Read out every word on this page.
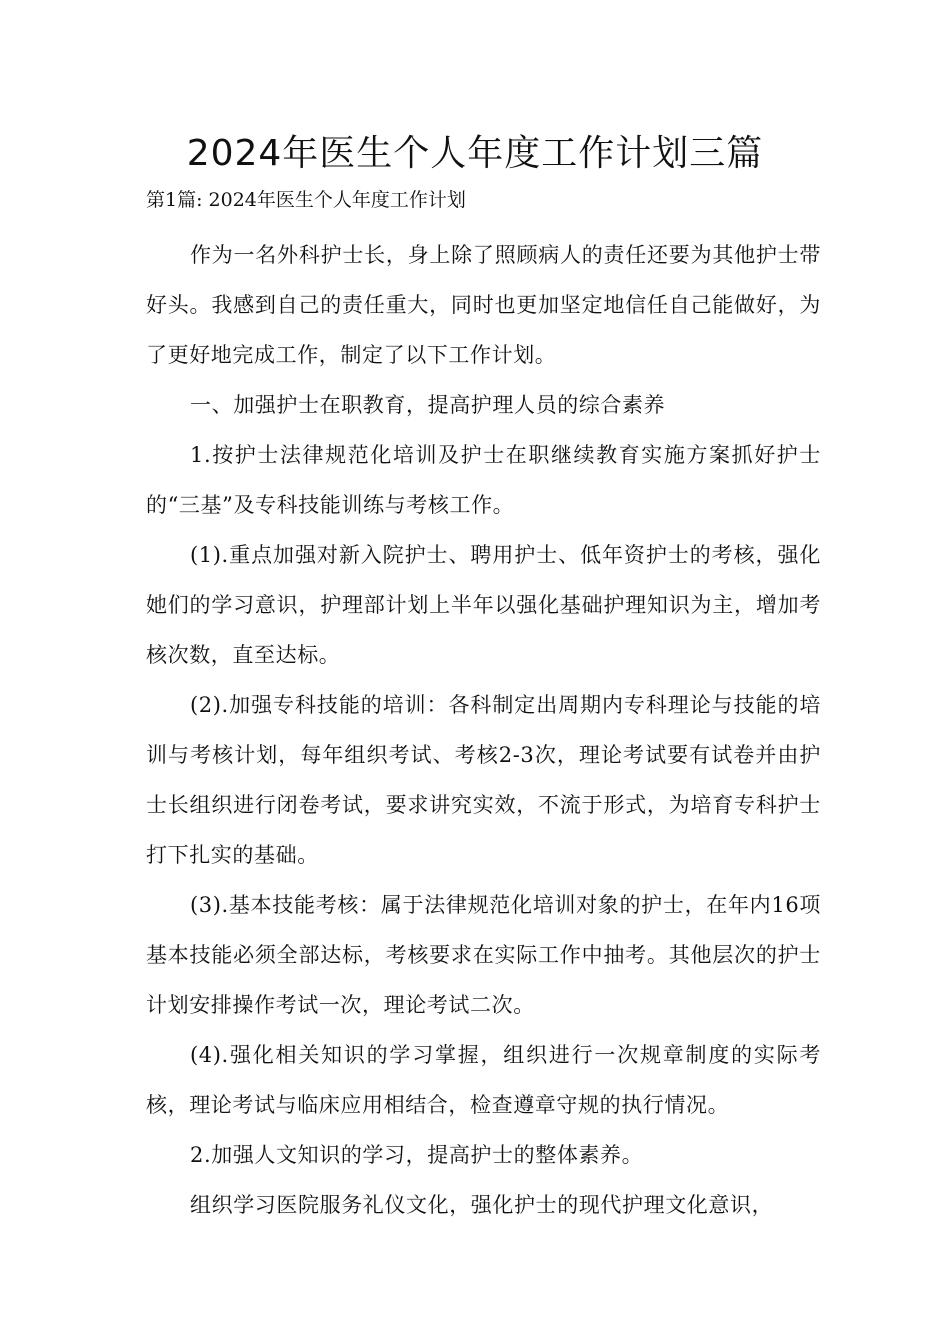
2024年医生个人年度工作计划三篇

第1篇: 2024年医生个人年度工作计划

作为一名外科护士长，身上除了照顾病人的责任还要为其他护士带好头。我感到自己的责任重大，同时也更加坚定地信任自己能做好，为了更好地完成工作，制定了以下工作计划。

一、加强护士在职教育，提高护理人员的综合素养

1.按护士法律规范化培训及护士在职继续教育实施方案抓好护士的“三基”及专科技能训练与考核工作。

(1).重点加强对新入院护士、聘用护士、低年资护士的考核，强化她们的学习意识，护理部计划上半年以强化基础护理知识为主，增加考核次数，直至达标。

(2).加强专科技能的培训：各科制定出周期内专科理论与技能的培训与考核计划，每年组织考试、考核2-3次，理论考试要有试卷并由护士长组织进行闭卷考试，要求讲究实效，不流于形式，为培育专科护士打下扎实的基础。

(3).基本技能考核：属于法律规范化培训对象的护士，在年内16项基本技能必须全部达标，考核要求在实际工作中抽考。其他层次的护士计划安排操作考试一次，理论考试二次。

(4).强化相关知识的学习掌握，组织进行一次规章制度的实际考核，理论考试与临床应用相结合，检查遵章守规的执行情况。

2.加强人文知识的学习，提高护士的整体素养。

组织学习医院服务礼仪文化，强化护士的现代护理文化意识，
